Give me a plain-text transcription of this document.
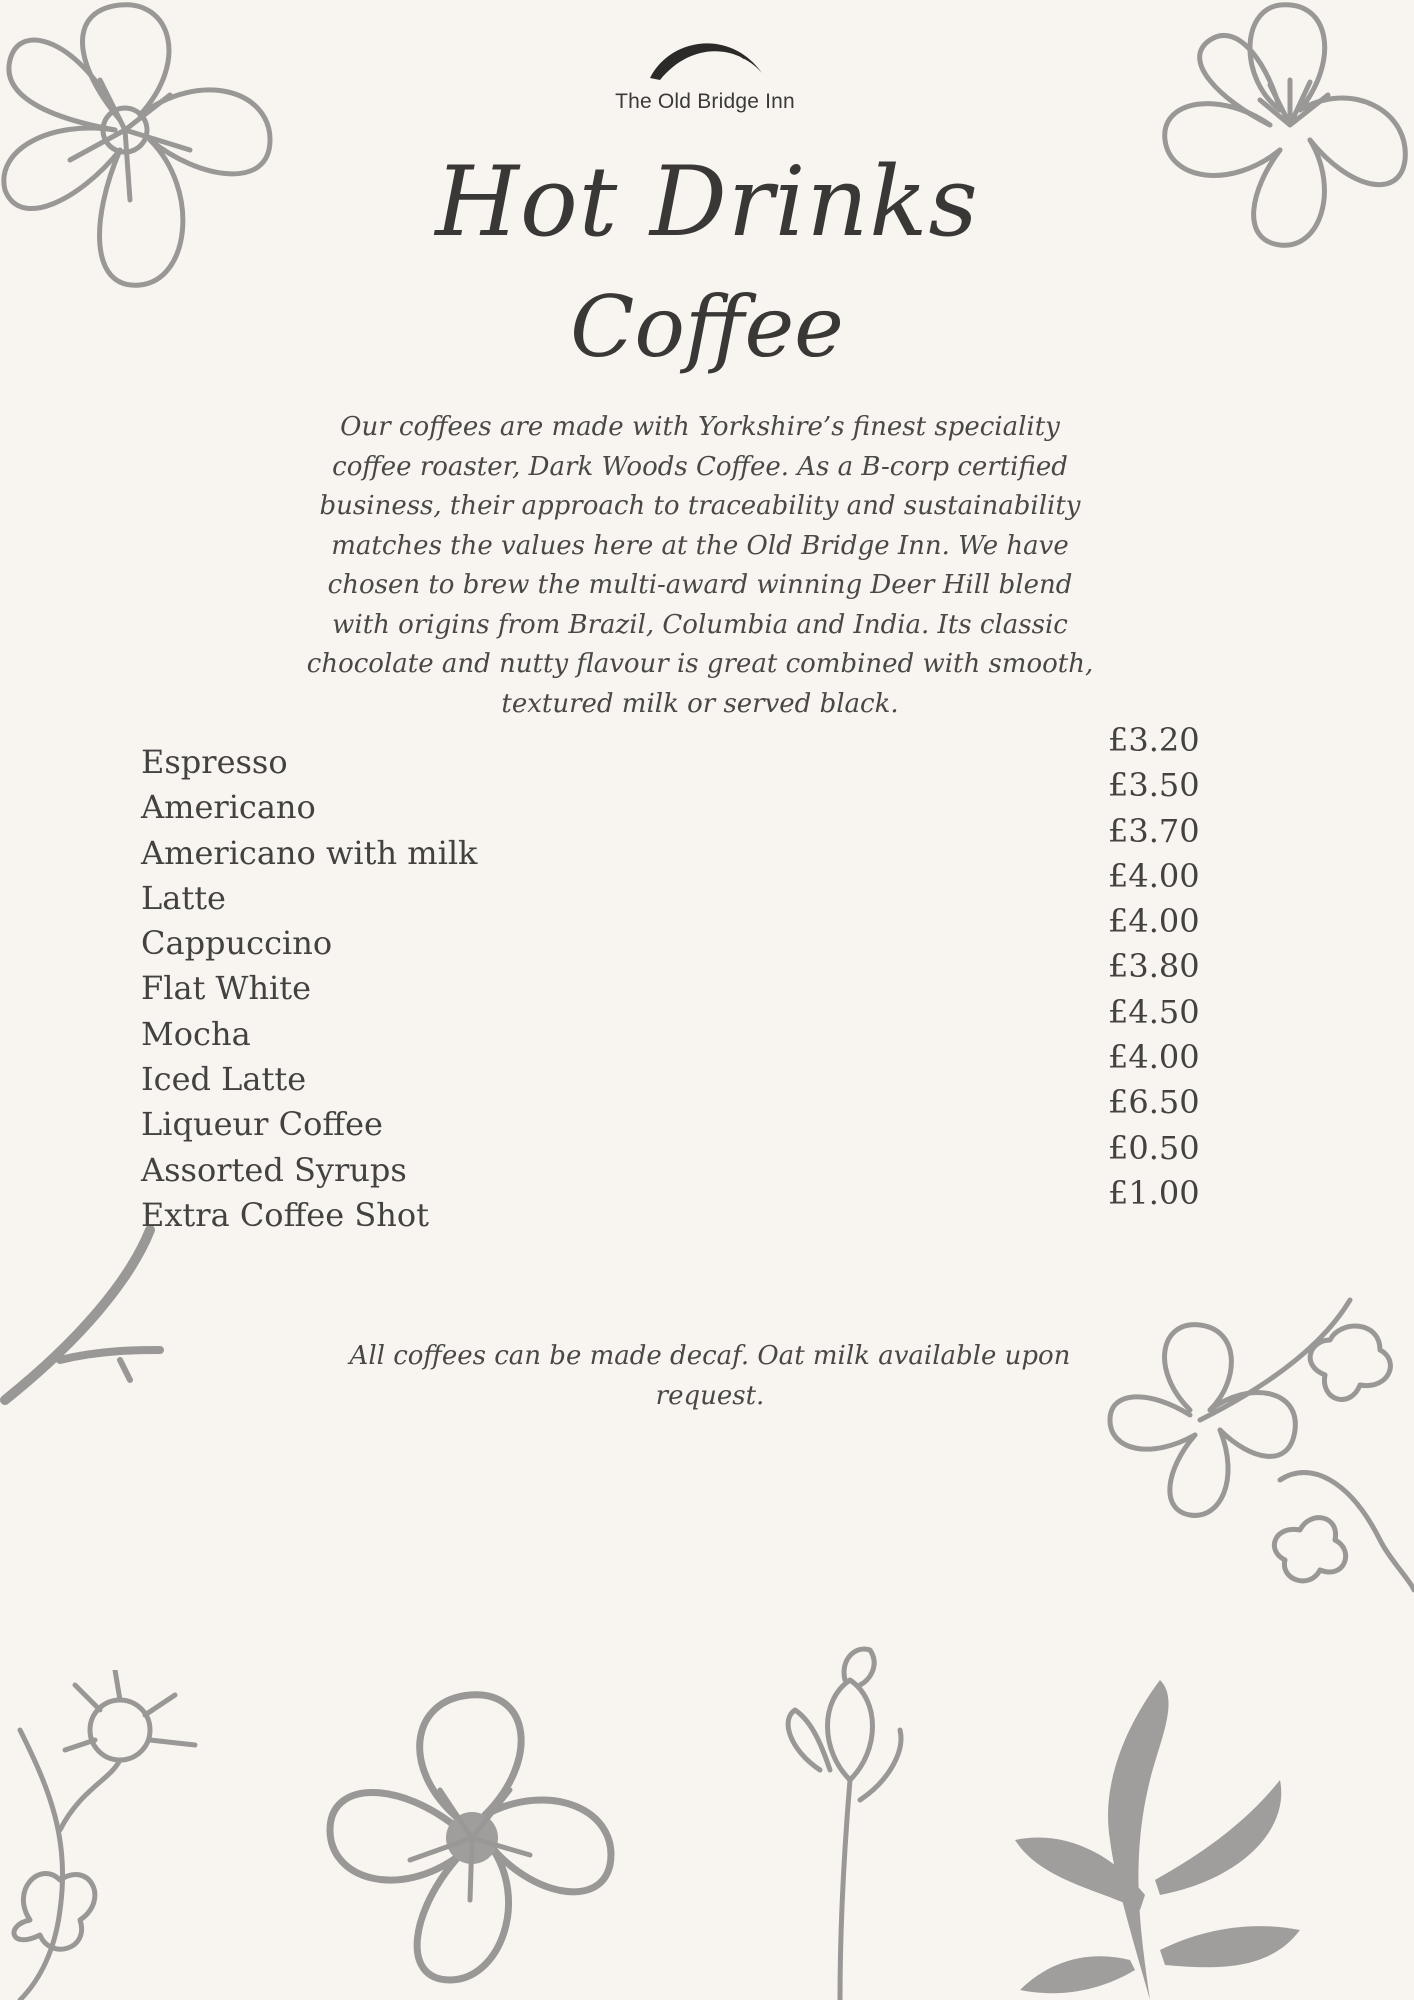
The Old Bridge Inn
Hot Drinks
Coffee
Our coffees are made with Yorkshire’s finest speciality coffee roaster, Dark Woods Coffee. As a B-corp certified business, their approach to traceability and sustainability matches the values here at the Old Bridge Inn. We have chosen to brew the multi-award winning Deer Hill blend with origins from Brazil, Columbia and India. Its classic chocolate and nutty flavour is great combined with smooth, textured milk or served black.
Espresso
Americano
Americano with milk
Latte
Cappuccino
Flat White
Mocha
Iced Latte
Liqueur Coffee
Assorted Syrups
Extra Coffee Shot
£3.20
£3.50
£3.70
£4.00
£4.00
£3.80
£4.50
£4.00
£6.50
£0.50
£1.00
All coffees can be made decaf. Oat milk available upon request.
